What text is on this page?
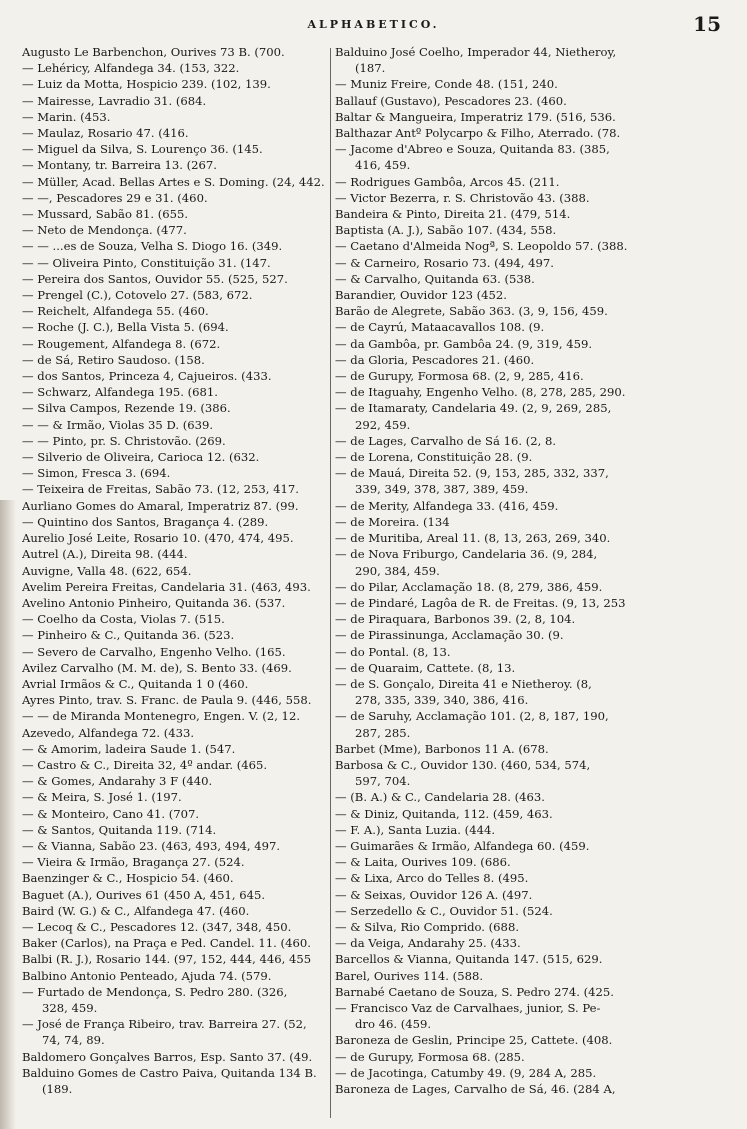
ALPHABETICO.	15
Augusto Le Barbenchon, Ourives 73 B. (700.
— Lehéricy, Alfandega 34. (153, 322.
— Luiz da Motta, Hospicio 239. (102, 139.
— Mairesse, Lavradio 31. (684.
— Marin. (453.
— Maulaz, Rosario 47. (416.
— Miguel da Silva, S. Lourenço 36. (145.
— Montany, tr. Barreira 13. (267.
— Müller, Acad. Bellas Artes e S. Doming. (24, 442.
— —, Pescadores 29 e 31. (460.
— Mussard, Sabão 81. (655.
— Neto de Mendonça. (477.
— — ...es de Souza, Velha S. Diogo 16. (349.
— — Oliveira Pinto, Constituição 31. (147.
— Pereira dos Santos, Ouvidor 55. (525, 527.
— Prengel (C.), Cotovelo 27. (583, 672.
— Reichelt, Alfandega 55. (460.
— Roche (J. C.), Bella Vista 5. (694.
— Rougement, Alfandega 8. (672.
— de Sá, Retiro Saudoso. (158.
— dos Santos, Princeza 4, Cajueiros. (433.
— Schwarz, Alfandega 195. (681.
— Silva Campos, Rezende 19. (386.
— — & Irmão, Violas 35 D. (639.
— — Pinto, pr. S. Christovão. (269.
— Silverio de Oliveira, Carioca 12. (632.
— Simon, Fresca 3. (694.
— Teixeira de Freitas, Sabão 73. (12, 253, 417.
Aurliano Gomes do Amaral, Imperatriz 87. (99.
— Quintino dos Santos, Bragança 4. (289.
Aurelio José Leite, Rosario 10. (470, 474, 495.
Autrel (A.), Direita 98. (444.
Auvigne, Valla 48. (622, 654.
Avelim Pereira Freitas, Candelaria 31. (463, 493.
Avelino Antonio Pinheiro, Quitanda 36. (537.
— Coelho da Costa, Violas 7. (515.
— Pinheiro & C., Quitanda 36. (523.
— Severo de Carvalho, Engenho Velho. (165.
Avilez Carvalho (M. M. de), S. Bento 33. (469.
Avrial Irmãos & C., Quitanda 1 0 (460.
Ayres Pinto, trav. S. Franc. de Paula 9. (446, 558.
— — de Miranda Montenegro, Engen. V. (2, 12.
Azevedo, Alfandega 72. (433.
— & Amorim, ladeira Saude 1. (547.
— Castro & C., Direita 32, 4º andar. (465.
— & Gomes, Andarahy 3 F (440.
— & Meira, S. José 1. (197.
— & Monteiro, Cano 41. (707.
— & Santos, Quitanda 119. (714.
— & Vianna, Sabão 23. (463, 493, 494, 497.
— Vieira & Irmão, Bragança 27. (524.
Baenzinger & C., Hospicio 54. (460.
Baguet (A.), Ourives 61 (450 A, 451, 645.
Baird (W. G.) & C., Alfandega 47. (460.
— Lecoq & C., Pescadores 12. (347, 348, 450.
Baker (Carlos), na Praça e Ped. Candel. 11. (460.
Balbi (R. J.), Rosario 144. (97, 152, 444, 446, 455
Balbino Antonio Penteado, Ajuda 74. (579.
— Furtado de Mendonça, S. Pedro 280. (326,
328, 459.
— José de França Ribeiro, trav. Barreira 27. (52,
74, 74, 89.
Baldomero Gonçalves Barros, Esp. Santo 37. (49.
Balduino Gomes de Castro Paiva, Quitanda 134 B.
(189.
Balduino José Coelho, Imperador 44, Nietheroy,
(187.
— Muniz Freire, Conde 48. (151, 240.
Ballauf (Gustavo), Pescadores 23. (460.
Baltar & Mangueira, Imperatriz 179. (516, 536.
Balthazar Antº Polycarpo & Filho, Aterrado. (78.
— Jacome d'Abreo e Souza, Quitanda 83. (385,
416, 459.
— Rodrigues Gambôa, Arcos 45. (211.
— Victor Bezerra, r. S. Christovão 43. (388.
Bandeira & Pinto, Direita 21. (479, 514.
Baptista (A. J.), Sabão 107. (434, 558.
— Caetano d'Almeida Nogª, S. Leopoldo 57. (388.
— & Carneiro, Rosario 73. (494, 497.
— & Carvalho, Quitanda 63. (538.
Barandier, Ouvidor 123 (452.
Barão de Alegrete, Sabão 363. (3, 9, 156, 459.
— de Cayrú, Mataacavallos 108. (9.
— da Gambôa, pr. Gambôa 24. (9, 319, 459.
— da Gloria, Pescadores 21. (460.
— de Gurupy, Formosa 68. (2, 9, 285, 416.
— de Itaguahy, Engenho Velho. (8, 278, 285, 290.
— de Itamaraty, Candelaria 49. (2, 9, 269, 285,
292, 459.
— de Lages, Carvalho de Sá 16. (2, 8.
— de Lorena, Constituição 28. (9.
— de Mauá, Direita 52. (9, 153, 285, 332, 337,
339, 349, 378, 387, 389, 459.
— de Merity, Alfandega 33. (416, 459.
— de Moreira. (134
— de Muritiba, Areal 11. (8, 13, 263, 269, 340.
— de Nova Friburgo, Candelaria 36. (9, 284,
290, 384, 459.
— do Pilar, Acclamação 18. (8, 279, 386, 459.
— de Pindaré, Lagôa de R. de Freitas. (9, 13, 253
— de Piraquara, Barbonos 39. (2, 8, 104.
— de Pirassinunga, Acclamação 30. (9.
— do Pontal. (8, 13.
— de Quaraim, Cattete. (8, 13.
— de S. Gonçalo, Direita 41 e Nietheroy. (8,
278, 335, 339, 340, 386, 416.
— de Saruhy, Acclamação 101. (2, 8, 187, 190,
287, 285.
Barbet (Mme), Barbonos 11 A. (678.
Barbosa & C., Ouvidor 130. (460, 534, 574,
597, 704.
— (B. A.) & C., Candelaria 28. (463.
— & Diniz, Quitanda, 112. (459, 463.
— F. A.), Santa Luzia. (444.
— Guimarães & Irmão, Alfandega 60. (459.
— & Laita, Ourives 109. (686.
— & Lixa, Arco do Telles 8. (495.
— & Seixas, Ouvidor 126 A. (497.
— Serzedello & C., Ouvidor 51. (524.
— & Silva, Rio Comprido. (688.
— da Veiga, Andarahy 25. (433.
Barcellos & Vianna, Quitanda 147. (515, 629.
Barel, Ourives 114. (588.
Barnabé Caetano de Souza, S. Pedro 274. (425.
— Francisco Vaz de Carvalhaes, junior, S. Pe-
dro 46. (459.
Baroneza de Geslin, Principe 25, Cattete. (408.
— de Gurupy, Formosa 68. (285.
— de Jacotinga, Catumby 49. (9, 284 A, 285.
Baroneza de Lages, Carvalho de Sá, 46. (284 A,
